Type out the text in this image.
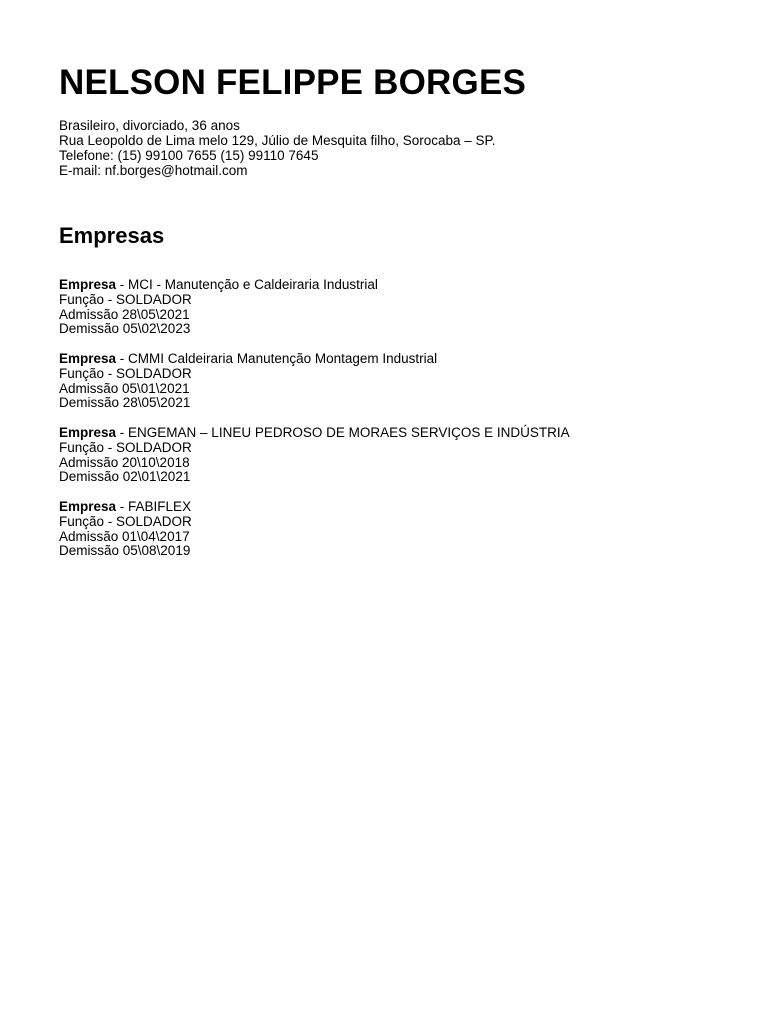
NELSON FELIPPE BORGES
Brasileiro, divorciado, 36 anos
Rua Leopoldo de Lima melo 129, Júlio de Mesquita filho, Sorocaba – SP.
Telefone: (15) 99100 7655 (15) 99110 7645
E-mail: nf.borges@hotmail.com
Empresas
Empresa - MCI - Manutenção e Caldeiraria Industrial
Função - SOLDADOR
Admissão 28\05\2021
Demissão 05\02\2023
Empresa - CMMI Caldeiraria Manutenção Montagem Industrial
Função - SOLDADOR
Admissão 05\01\2021
Demissão 28\05\2021
Empresa - ENGEMAN – LINEU PEDROSO DE MORAES SERVIÇOS E INDÚSTRIA
Função - SOLDADOR
Admissão 20\10\2018
Demissão 02\01\2021
Empresa - FABIFLEX
Função - SOLDADOR
Admissão 01\04\2017
Demissão 05\08\2019
